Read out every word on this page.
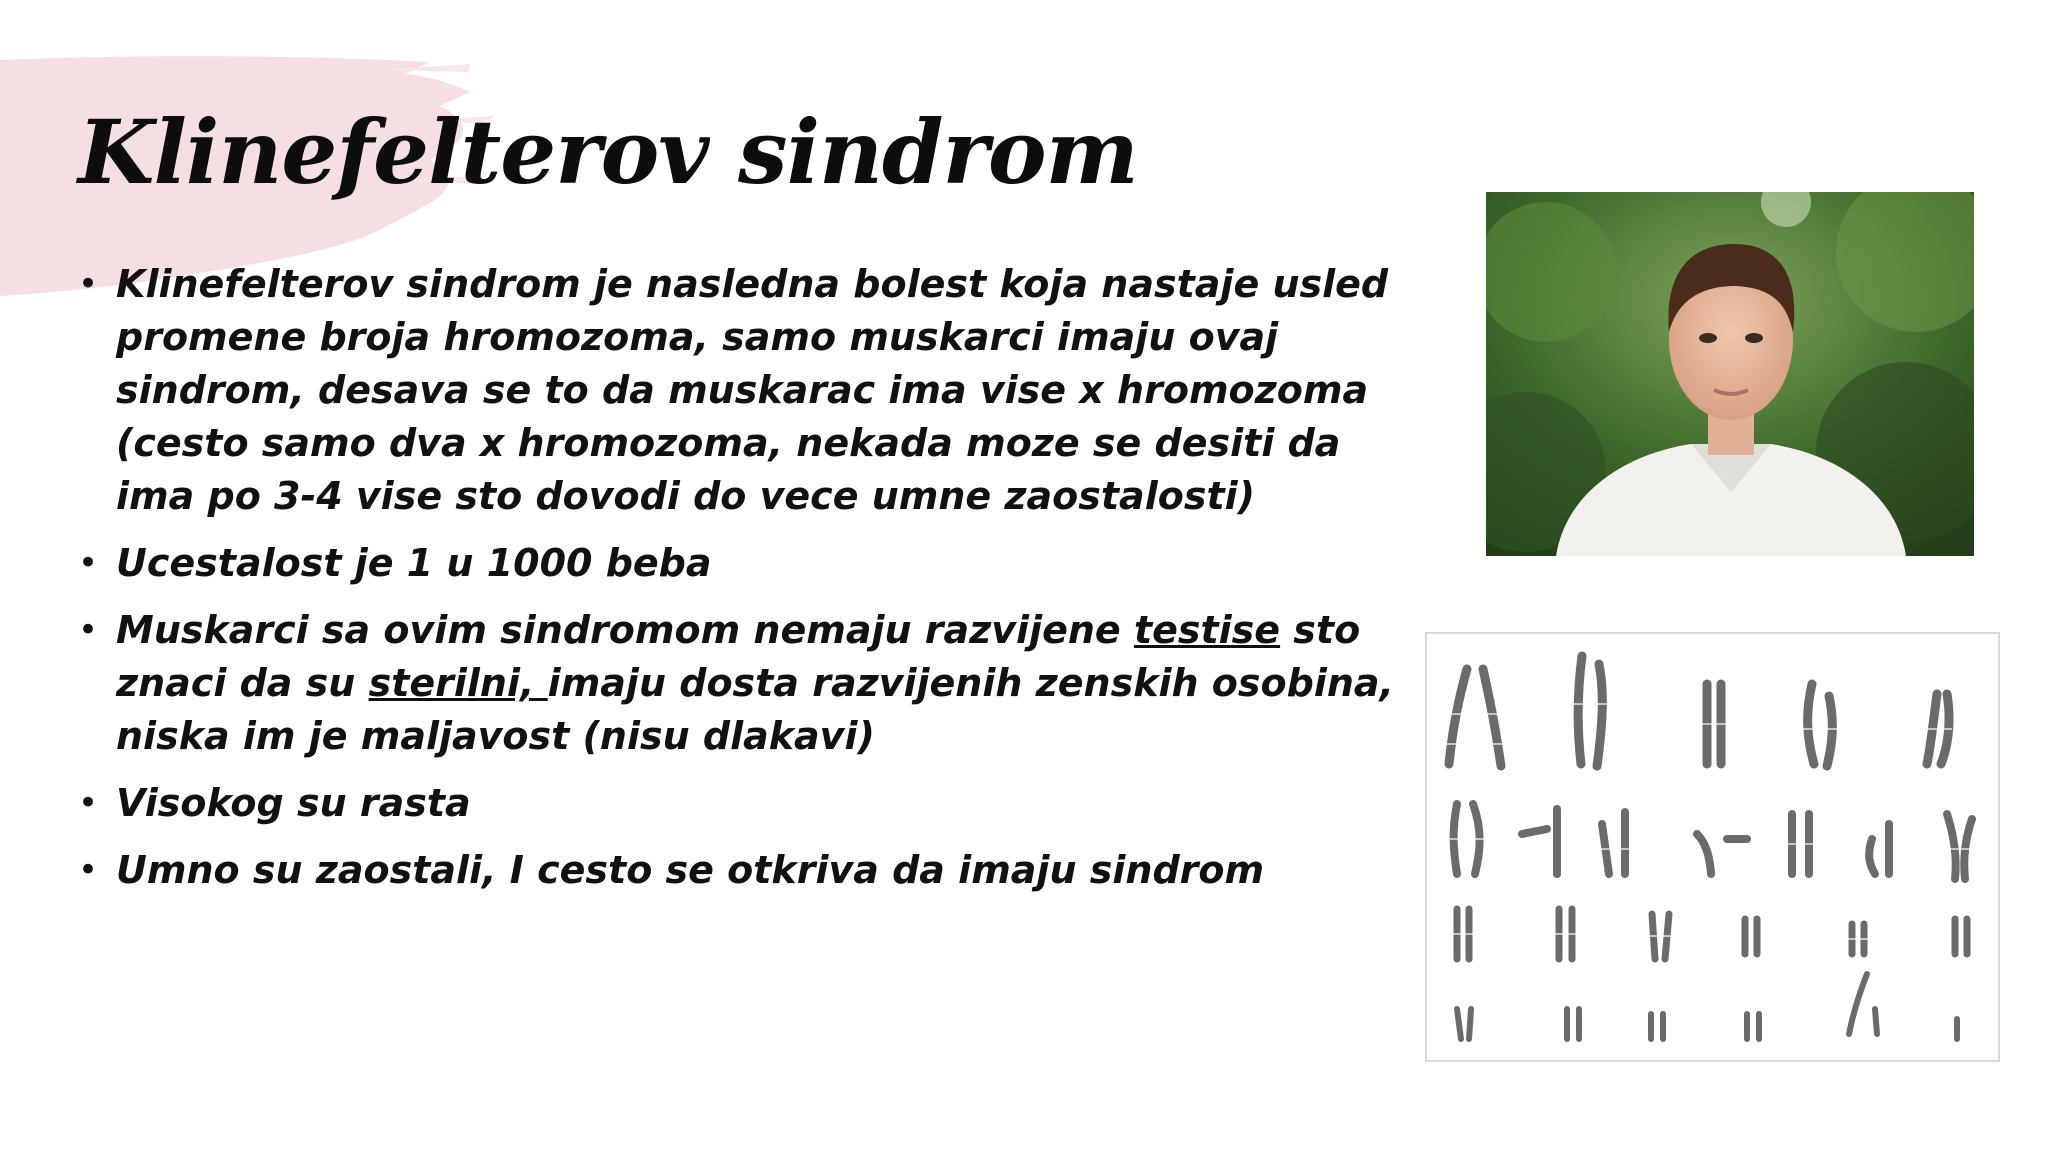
Klinefelterov sindrom
• Klinefelterov sindrom je nasledna bolest koja nastaje usled promene broja hromozoma, samo muskarci imaju ovaj sindrom, desava se to da muskarac ima vise x hromozoma (cesto samo dva x hromozoma, nekada moze se desiti da ima po 3-4 vise sto dovodi do vece umne zaostalosti)
• Ucestalost je 1 u 1000 beba
• Muskarci sa ovim sindromom nemaju razvijene testise sto znaci da su sterilni, imaju dosta razvijenih zenskih osobina, niska im je maljavost (nisu dlakavi)
• Visokog su rasta
• Umno su zaostali, I cesto se otkriva da imaju sindrom
